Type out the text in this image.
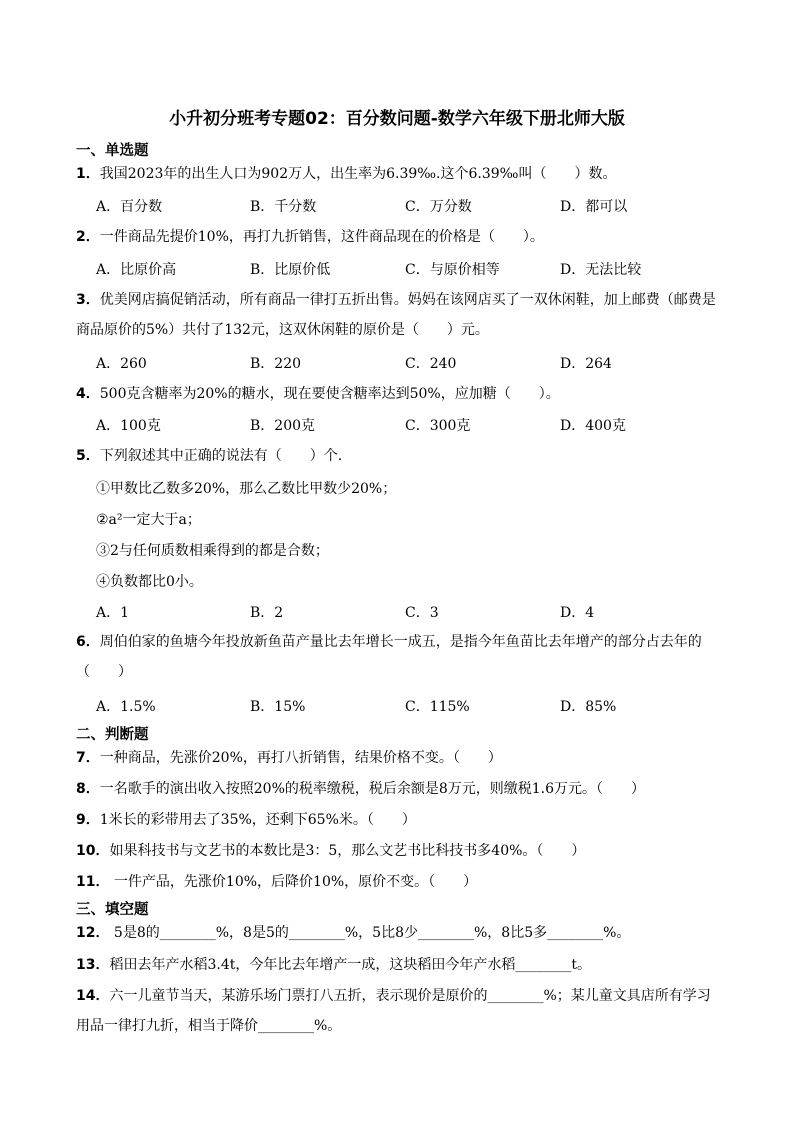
小升初分班考专题02：百分数问题-数学六年级下册北师大版
一、单选题
1．我国2023年的出生人口为902万人，出生率为6.39‰.这个6.39‰叫（　　）数。
A．百分数	B．千分数	C．万分数	D．都可以
2．一件商品先提价10%，再打九折销售，这件商品现在的价格是（　　）。
A．比原价高	B．比原价低	C．与原价相等	D．无法比较
3．优美网店搞促销活动，所有商品一律打五折出售。妈妈在该网店买了一双休闲鞋，加上邮费（邮费是商品原价的5%）共付了132元，这双休闲鞋的原价是（　　）元。
A．260	B．220	C．240	D．264
4．500克含糖率为20%的糖水，现在要使含糖率达到50%，应加糖（　　）。
A．100克	B．200克	C．300克	D．400克
5．下列叙述其中正确的说法有（　　）个.
①甲数比乙数多20%，那么乙数比甲数少20%；
②a²一定大于a；
③2与任何质数相乘得到的都是合数；
④负数都比0小。
A．1	B．2	C．3	D．4
6．周伯伯家的鱼塘今年投放新鱼苗产量比去年增长一成五，是指今年鱼苗比去年增产的部分占去年的（　　）
A．1.5%	B．15%	C．115%	D．85%
二、判断题
7．一种商品，先涨价20%，再打八折销售，结果价格不变。（　　）
8．一名歌手的演出收入按照20%的税率缴税，税后余额是8万元，则缴税1.6万元。（　　）
9．1米长的彩带用去了35%，还剩下65%米。（　　）
10．如果科技书与文艺书的本数比是3：5，那么文艺书比科技书多40%。（　　）
11． 一件产品，先涨价10%，后降价10%，原价不变。（　　）
三、填空题
12． 5是8的________%，8是5的________%，5比8少________%，8比5多________%。
13．稻田去年产水稻3.4t，今年比去年增产一成，这块稻田今年产水稻________t。
14．六一儿童节当天，某游乐场门票打八五折，表示现价是原价的________%；某儿童文具店所有学习用品一律打九折，相当于降价________%。
